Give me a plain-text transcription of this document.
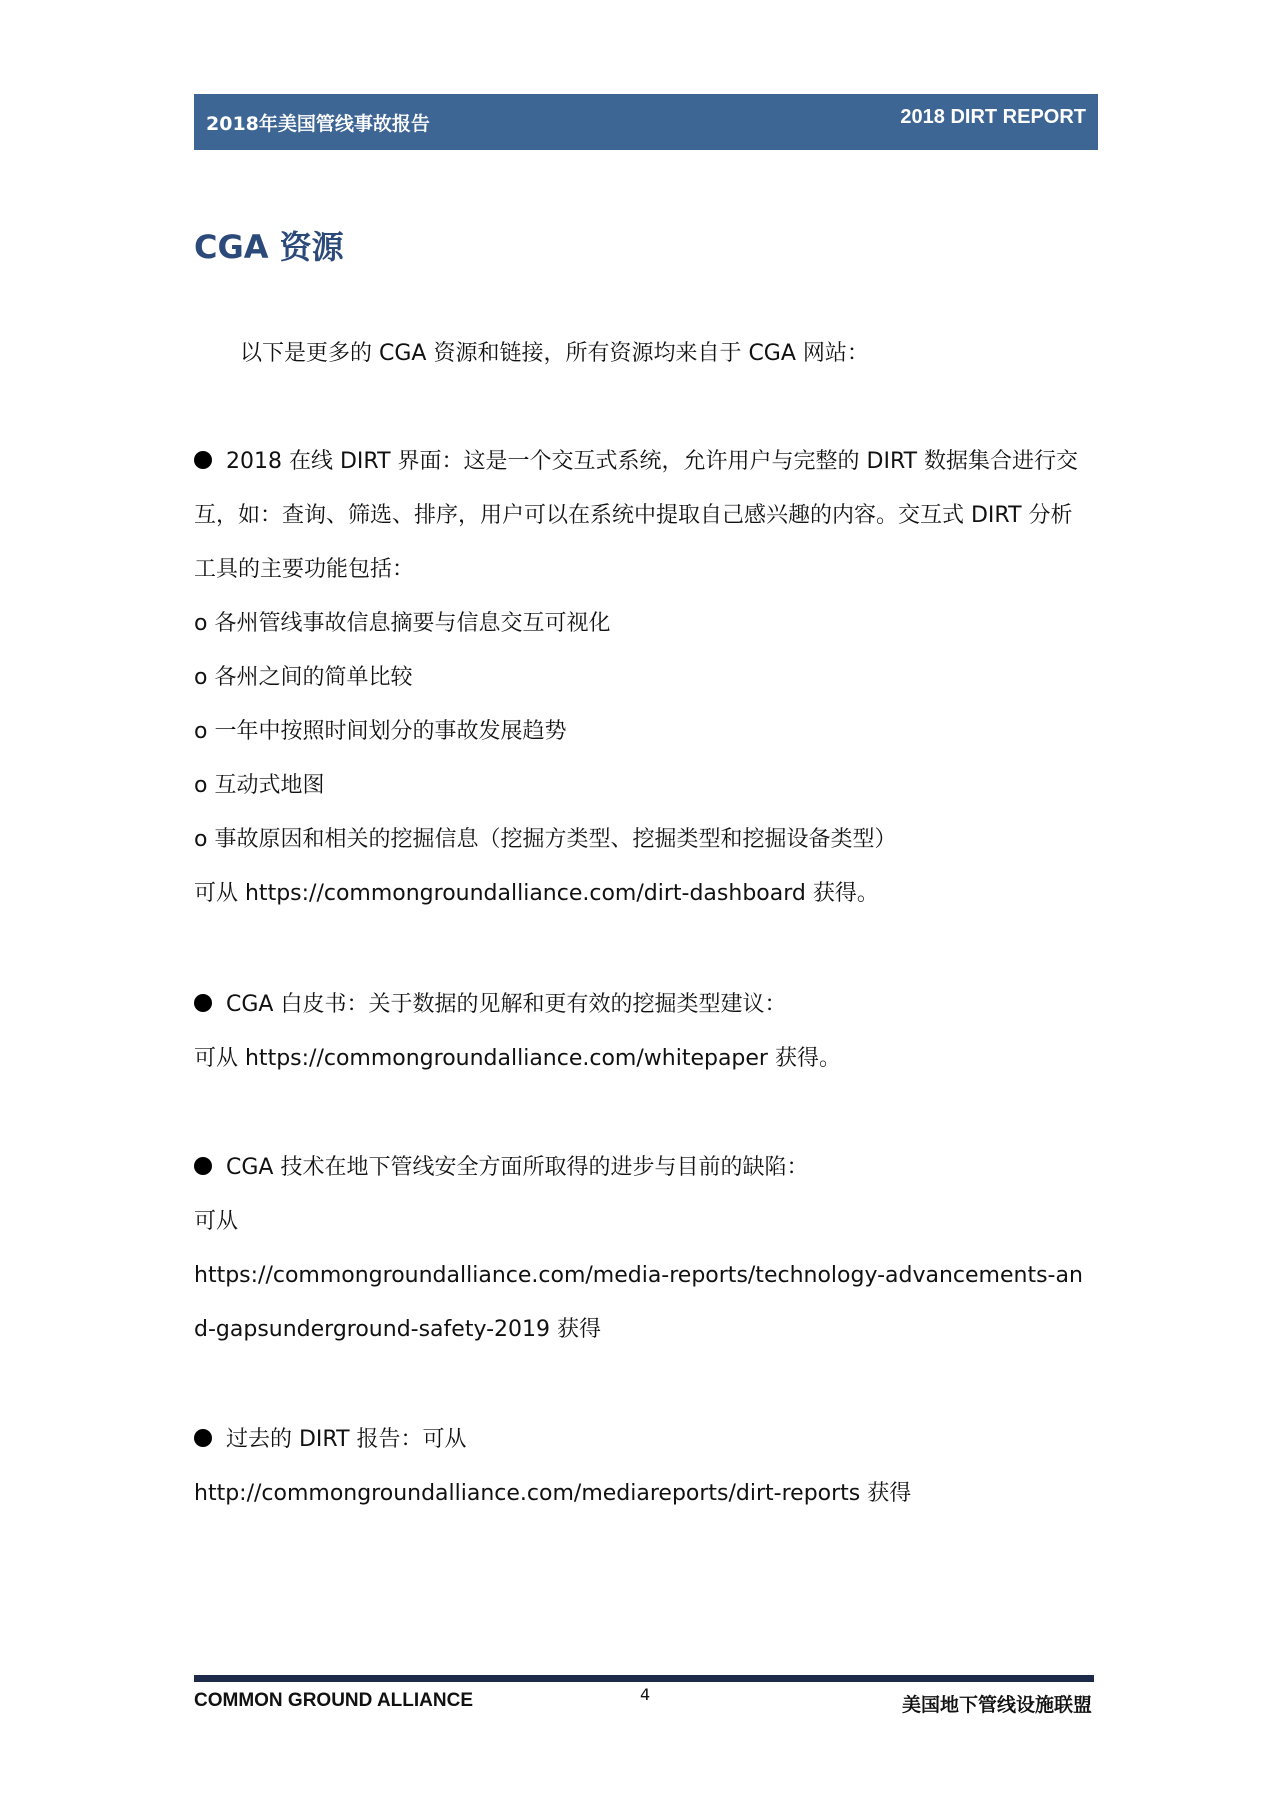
2018年美国管线事故报告	2018 DIRT REPORT
CGA 资源
以下是更多的 CGA 资源和链接，所有资源均来自于 CGA 网站：
2018 在线 DIRT 界面：这是一个交互式系统，允许用户与完整的 DIRT 数据集合进行交
互，如：查询、筛选、排序，用户可以在系统中提取自己感兴趣的内容。交互式 DIRT 分析
工具的主要功能包括：
o 各州管线事故信息摘要与信息交互可视化
o 各州之间的简单比较
o 一年中按照时间划分的事故发展趋势
o 互动式地图
o 事故原因和相关的挖掘信息（挖掘方类型、挖掘类型和挖掘设备类型）
可从 https://commongroundalliance.com/dirt-dashboard 获得。
CGA 白皮书：关于数据的见解和更有效的挖掘类型建议：
可从 https://commongroundalliance.com/whitepaper 获得。
CGA 技术在地下管线安全方面所取得的进步与目前的缺陷：
可从
https://commongroundalliance.com/media-reports/technology-advancements-an
d-gapsunderground-safety-2019 获得
过去的 DIRT 报告：可从
http://commongroundalliance.com/mediareports/dirt-reports 获得
COMMON GROUND ALLIANCE	4	美国地下管线设施联盟
